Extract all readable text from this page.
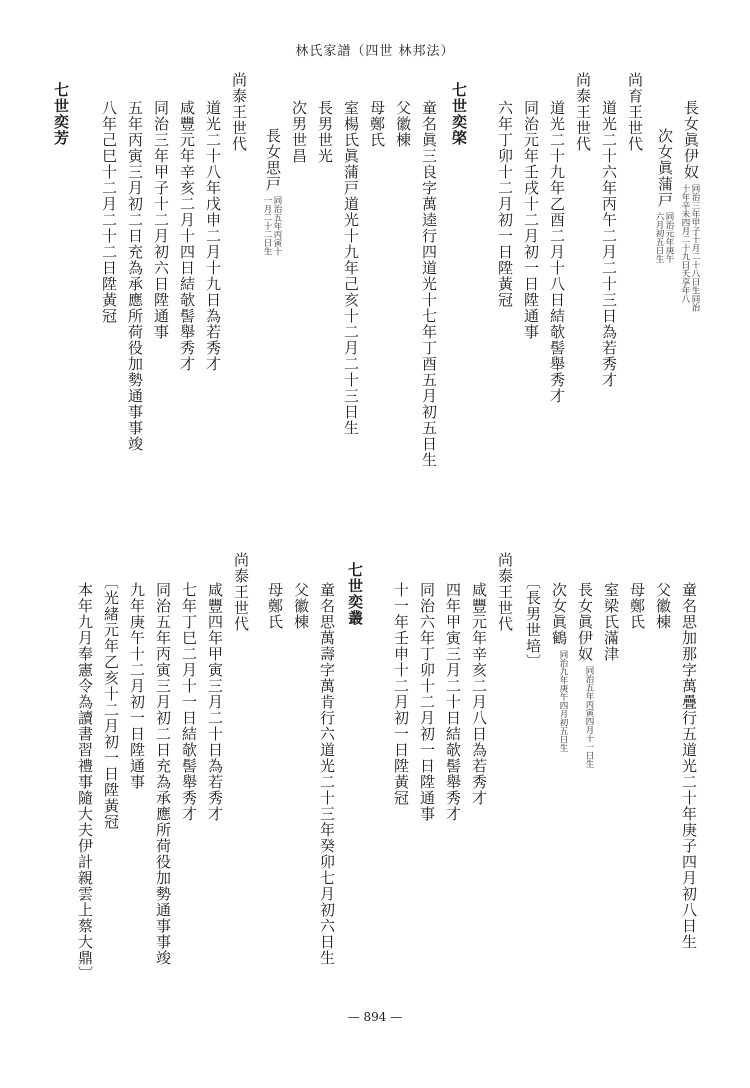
林氏家譜（四世 林邦法）
長女眞伊奴同治三年甲子十月二十八日生同治
十年辛未四月二十九日夭享年八
次女眞蒲戸同治元年庚午
六月初五日生
尚育王世代
道光二十六年丙午二月二十三日為若秀才
尚泰王世代
道光二十九年乙酉二月十八日結欹髻舉秀才
同治元年壬戌十二月初一日陞通事
六年丁卯十二月初一日陞黃冠
七世奕棨
童名眞三良字萬逵行四道光十七年丁酉五月初五日生
父徽棟
母鄭氏
室楊氏眞蒲戸道光十九年己亥十二月二十三日生
長男世光
次男世昌
長女思戸同治五年丙寅十
一月二十二日生
尚泰王世代
道光二十八年戊申二月十九日為若秀才
咸豐元年辛亥二月十四日結欹髻舉秀才
同治三年甲子十二月初六日陞通事
五年丙寅三月初二日充為承應所荷役加勢通事事竣
八年己巳十二月二十二日陞黃冠
七世奕芳
童名思加那字萬疊行五道光二十年庚子四月初八日生
父徽棟
母鄭氏
室梁氏滿津
長女眞伊奴同治五年丙寅四月十一日生
次女眞鶴同治九年庚午四月初五日生
〔長男世培〕
尚泰王世代
咸豐元年辛亥二月八日為若秀才
四年甲寅三月二十日結欹髻舉秀才
同治六年丁卯十二月初一日陞通事
十一年壬申十二月初一日陞黃冠
七世奕叢
童名思萬壽字萬肯行六道光二十三年癸卯七月初六日生
父徽棟
母鄭氏
尚泰王世代
咸豐四年甲寅三月二十日為若秀才
七年丁巳二月十一日結欹髻舉秀才
同治五年丙寅三月初二日充為承應所荷役加勢通事事竣
九年庚午十二月初一日陞通事
〔光緒元年乙亥十二月初一日陞黃冠
本年九月奉憲令為讀書習禮事隨大夫伊計親雲上蔡大鼎〕
— 894 —
